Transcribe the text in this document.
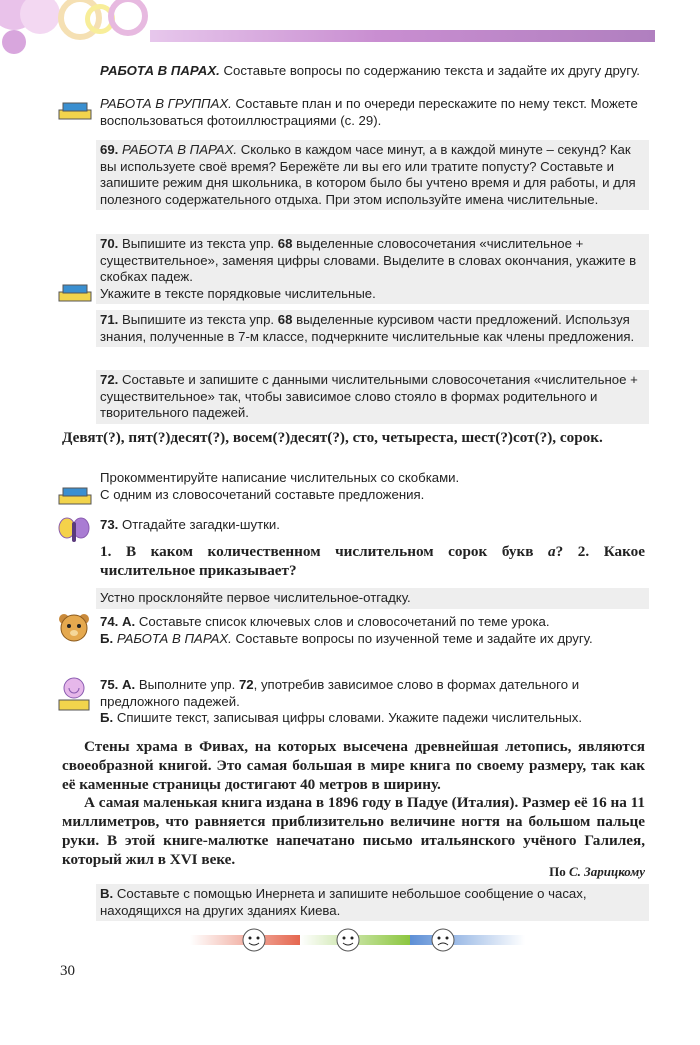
РАБОТА В ПАРАХ. Составьте вопросы по содержанию текста и задайте их другу другу.
РАБОТА В ГРУППАХ. Составьте план и по очереди перескажите по нему текст. Можете воспользоваться фотоиллюстрациями (с. 29).
69. РАБОТА В ПАРАХ. Сколько в каждом часе минут, а в каждой минуте – секунд? Как вы используете своё время? Бережёте ли вы его или тратите попусту? Составьте и запишите режим дня школьника, в котором было бы учтено время и для работы, и для полезного содержательного отдыха. При этом используйте имена числительные.
70. Выпишите из текста упр. 68 выделенные словосочетания «числительное + существительное», заменяя цифры словами. Выделите в словах окончания, укажите в скобках падеж.
Укажите в тексте порядковые числительные.
71. Выпишите из текста упр. 68 выделенные курсивом части предложений. Используя знания, полученные в 7-м классе, подчеркните числительные как члены предложения.
72. Составьте и запишите с данными числительными словосочетания «числительное + существительное» так, чтобы зависимое слово стояло в формах родительного и творительного падежей.
Девят(?), пят(?)десят(?), восем(?)десят(?), сто, четыреста, шест(?)сот(?), сорок.
Прокомментируйте написание числительных со скобками.
С одним из словосочетаний составьте предложения.
73. Отгадайте загадки-шутки.
1. В каком количественном числительном сорок букв а? 2. Какое числительное приказывает?
Устно просклоняйте первое числительное-отгадку.
74. А. Составьте список ключевых слов и словосочетаний по теме урока.
Б. РАБОТА В ПАРАХ. Составьте вопросы по изученной теме и задайте их другу.
75. А. Выполните упр. 72, употребив зависимое слово в формах дательного и предложного падежей.
Б. Спишите текст, записывая цифры словами. Укажите падежи числительных.
Стены храма в Фивах, на которых высечена древнейшая летопись, являются своеобразной книгой. Это самая большая в мире книга по своему размеру, так как её каменные страницы достигают 40 метров в ширину.
А самая маленькая книга издана в 1896 году в Падуе (Италия). Размер её 16 на 11 миллиметров, что равняется приблизительно величине ногтя на большом пальце руки. В этой книге-малютке напечатано письмо итальянского учёного Галилея, который жил в XVI веке.
По С. Зарицкому
В. Составьте с помощью Инернета и запишите небольшое сообщение о часах, находящихся на других зданиях Киева.
30
